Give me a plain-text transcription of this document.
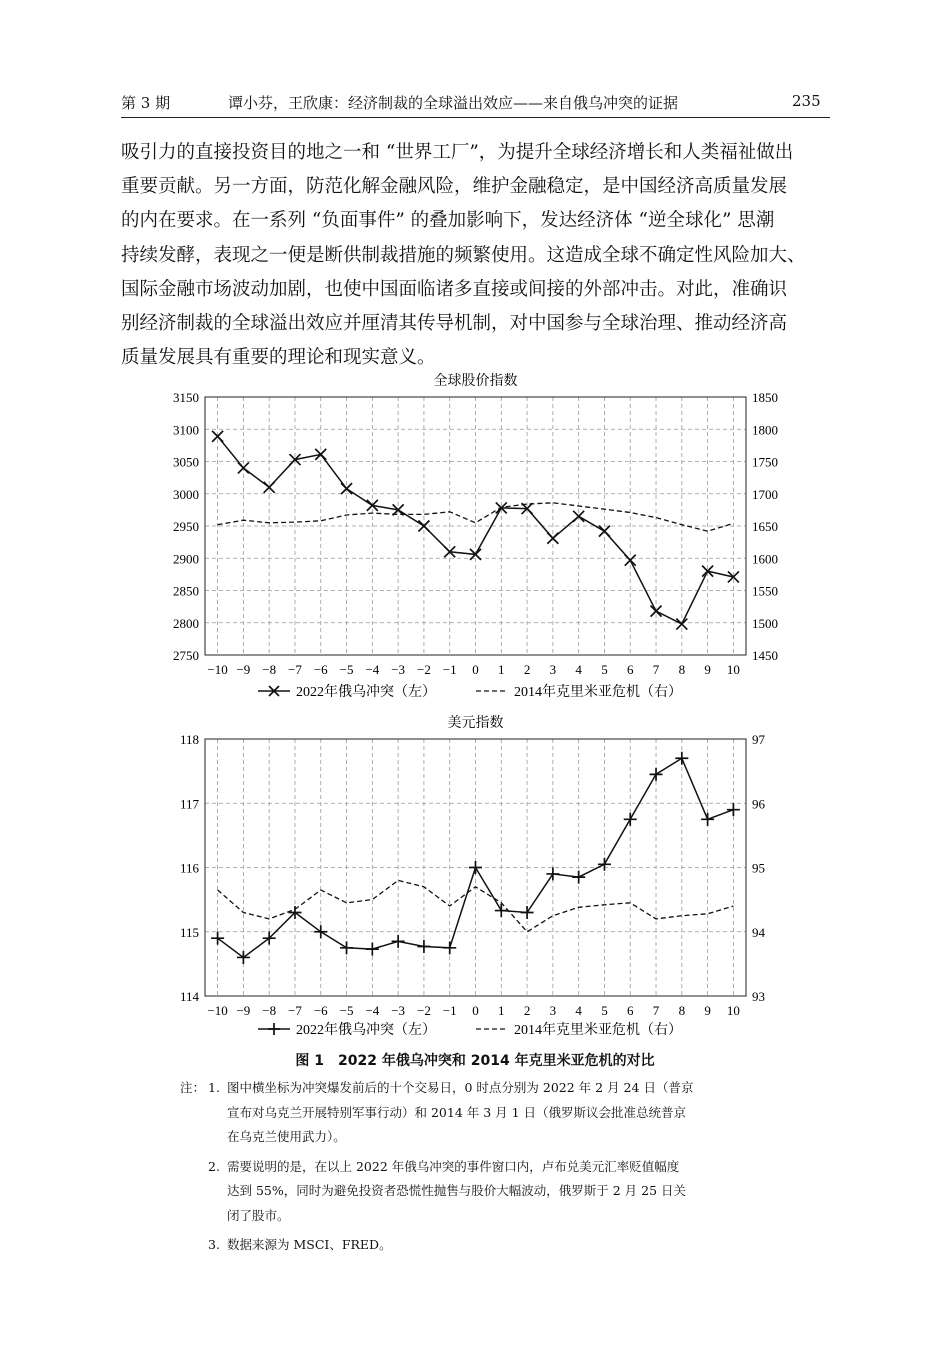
第 3 期	谭小芬，王欣康：经济制裁的全球溢出效应——来自俄乌冲突的证据	235
吸引力的直接投资目的地之一和 “世界工厂”，为提升全球经济增长和人类福祉做出
重要贡献。另一方面，防范化解金融风险，维护金融稳定，是中国经济高质量发展
的内在要求。在一系列 “负面事件” 的叠加影响下，发达经济体 “逆全球化” 思潮
持续发酵，表现之一便是断供制裁措施的频繁使用。这造成全球不确定性风险加大、
国际金融市场波动加剧，也使中国面临诸多直接或间接的外部冲击。对此，准确识
别经济制裁的全球溢出效应并厘清其传导机制，对中国参与全球治理、推动经济高
质量发展具有重要的理论和现实意义。
全球股价指数
2750
2800
2850
2900
2950
3000
3050
3100
3150
1450
1500
1550
1600
1650
1700
1750
1800
1850
−10 −9 −8 −7 −6 −5 −4 −3 −2 −1 0 1 2 3 4 5 6 7 8 9 10
2022年俄乌冲突（左）	2014年克里米亚危机（右）
美元指数
114
115
116
117
118
93
94
95
96
97
−10 −9 −8 −7 −6 −5 −4 −3 −2 −1 0 1 2 3 4 5 6 7 8 9 10
2022年俄乌冲突（左）	2014年克里米亚危机（右）
图 1　2022 年俄乌冲突和 2014 年克里米亚危机的对比
注： 1. 图中横坐标为冲突爆发前后的十个交易日，0 时点分别为 2022 年 2 月 24 日（普京
宣布对乌克兰开展特别军事行动）和 2014 年 3 月 1 日（俄罗斯议会批准总统普京
在乌克兰使用武力）。
2. 需要说明的是，在以上 2022 年俄乌冲突的事件窗口内，卢布兑美元汇率贬值幅度
达到 55%，同时为避免投资者恐慌性抛售与股价大幅波动，俄罗斯于 2 月 25 日关
闭了股市。
3. 数据来源为 MSCI、FRED。
